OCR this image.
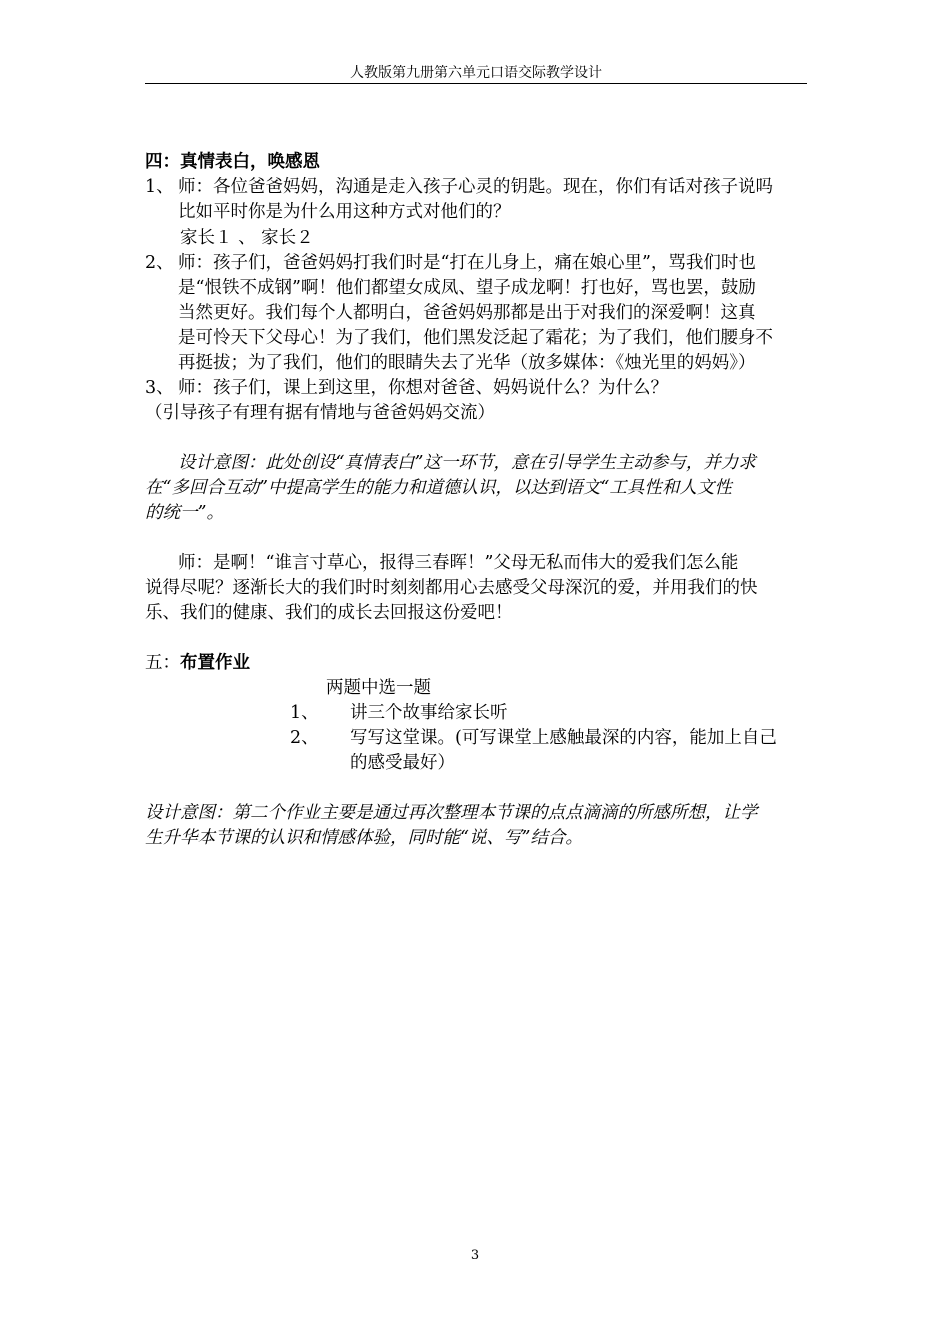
人教版第九册第六单元口语交际教学设计
四：真情表白，唤感恩
1、 师：各位爸爸妈妈，沟通是走入孩子心灵的钥匙。现在，你们有话对孩子说吗
比如平时你是为什么用这种方式对他们的？
家长１ 、 家长２
2、 师：孩子们，爸爸妈妈打我们时是“打在儿身上，痛在娘心里”，骂我们时也
是“恨铁不成钢”啊！他们都望女成凤、望子成龙啊！打也好，骂也罢，鼓励
当然更好。我们每个人都明白，爸爸妈妈那都是出于对我们的深爱啊！这真
是可怜天下父母心！为了我们，他们黑发泛起了霜花；为了我们，他们腰身不
再挺拔；为了我们，他们的眼睛失去了光华（放多媒体：《烛光里的妈妈》）
3、 师：孩子们，课上到这里，你想对爸爸、妈妈说什么？为什么？
（引导孩子有理有据有情地与爸爸妈妈交流）
设计意图：此处创设“真情表白”这一环节，意在引导学生主动参与，并力求
在“多回合互动”中提高学生的能力和道德认识，以达到语文“工具性和人文性
的统一”。
师：是啊！“谁言寸草心，报得三春晖！”父母无私而伟大的爱我们怎么能
说得尽呢？逐渐长大的我们时时刻刻都用心去感受父母深沉的爱，并用我们的快
乐、我们的健康、我们的成长去回报这份爱吧！
五：布置作业
两题中选一题
1、 讲三个故事给家长听
2、 写写这堂课。(可写课堂上感触最深的内容，能加上自己
的感受最好）
设计意图：第二个作业主要是通过再次整理本节课的点点滴滴的所感所想，让学
生升华本节课的认识和情感体验，同时能“说、写”结合。
3
